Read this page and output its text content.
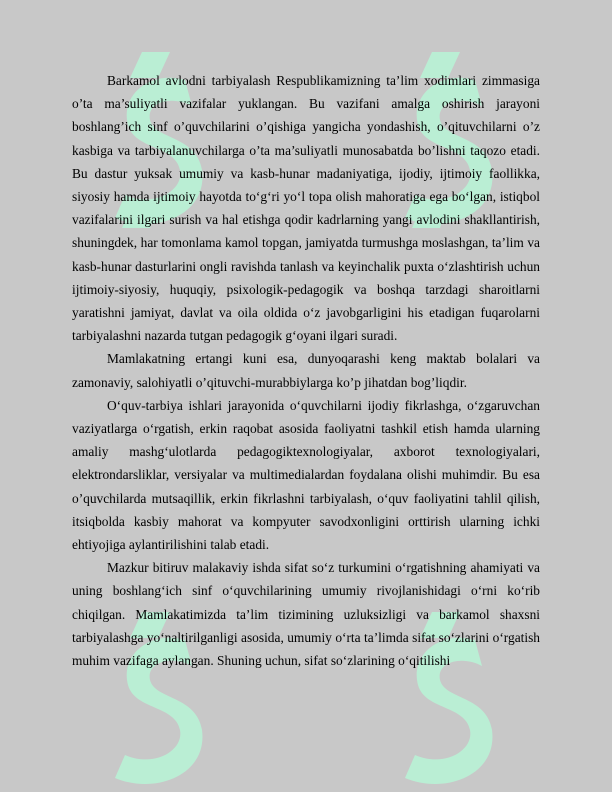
Barkamol avlodni tarbiyalash Respublikamizning ta’lim xodimlari zimmasiga o’ta ma’suliyatli vazifalar yuklangan. Bu vazifani amalga oshirish jarayoni boshlang’ich sinf o’quvchilarini o’qishiga yangicha yondashish, o’qituvchilarni o’z kasbiga va tarbiyalanuvchilarga o’ta ma’suliyatli munosabatda bo’lishni taqozo etadi. Bu dastur yuksak umumiy va kasb-hunar madaniyatiga, ijodiy, ijtimoiy faollikka, siyosiy hamda ijtimoiy hayotda to‘g‘ri yo‘l topa olish mahoratiga ega bo‘lgan, istiqbol vazifalarini ilgari surish va hal etishga qodir kadrlarning yangi avlodini shakllantirish, shuningdek, har tomonlama kamol topgan, jamiyatda turmushga moslashgan, ta’lim va kasb-hunar dasturlarini ongli ravishda tanlash va keyinchalik puxta o‘zlashtirish uchun ijtimoiy-siyosiy, huquqiy, psixologik-pedagogik va boshqa tarzdagi sharoitlarni yaratishni jamiyat, davlat va oila oldida o‘z javobgarligini his etadigan fuqarolarni tarbiyalashni nazarda tutgan pedagogik g‘oyani ilgari suradi.

Mamlakatning ertangi kuni esa, dunyoqarashi keng maktab bolalari va zamonaviy, salohiyatli o’qituvchi-murabbiylarga ko’p jihatdan bog’liqdir.

O‘quv-tarbiya ishlari jarayonida o‘quvchilarni ijodiy fikrlashga, o‘zgaruvchan vaziyatlarga o‘rgatish, erkin raqobat asosida faoliyatni tashkil etish hamda ularning amaliy mashg‘ulotlarda pedagogiktexnologiyalar, axborot texnologiyalari, elektrondarsliklar, versiyalar va multimedialardan foydalana olishi muhimdir. Bu esa o’quvchilarda mutsaqillik, erkin fikrlashni tarbiyalash, o‘quv faoliyatini tahlil qilish, itsiqbolda kasbiy mahorat va kompyuter savodxonligini orttirish ularning ichki ehtiyojiga aylantirilishini talab etadi.

Mazkur bitiruv malakaviy ishda sifat so‘z turkumini o‘rgatishning ahamiyati va uning boshlang‘ich sinf o‘quvchilarining umumiy rivojlanishidagi o‘rni ko‘rib chiqilgan. Mamlakatimizda ta’lim tizimining uzluksizligi va barkamol shaxsni tarbiyalashga yo‘naltirilganligi asosida, umumiy o‘rta ta’limda sifat so‘zlarini o‘rgatish muhim vazifaga aylangan. Shuning uchun, sifat so‘zlarining o‘qitilishi
